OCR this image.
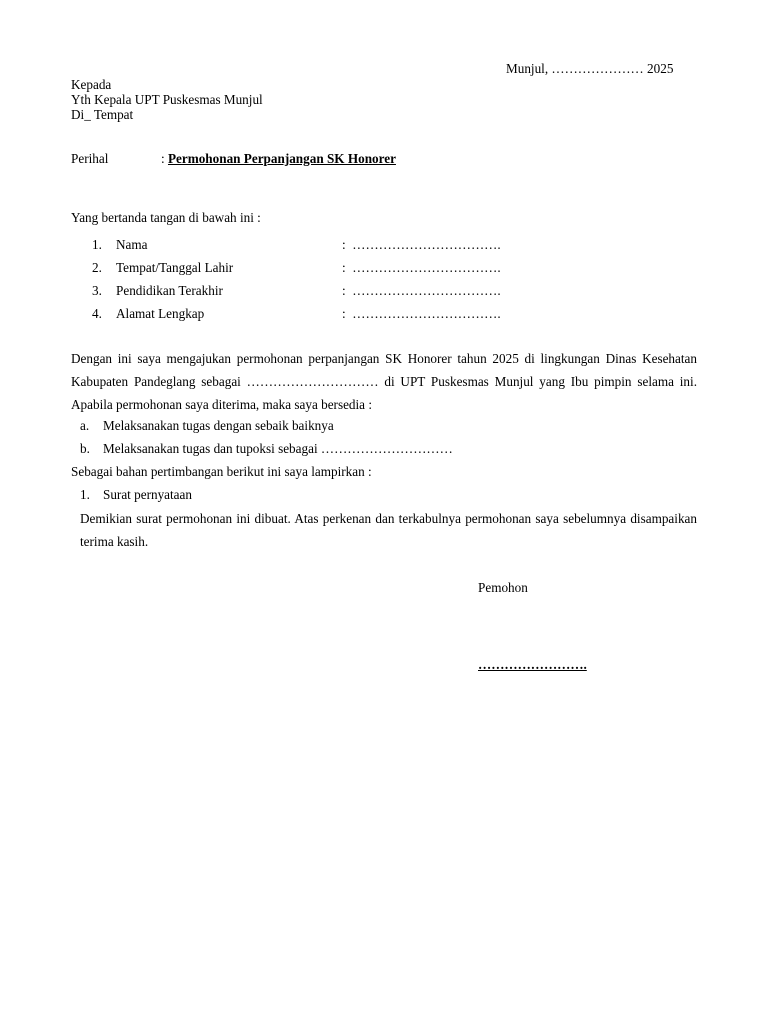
Munjul, ………………… 2025
Kepada
Yth Kepala UPT Puskesmas Munjul
Di_ Tempat
Perihal	: Permohonan Perpanjangan SK Honorer
Yang bertanda tangan di bawah ini :
1. Nama	: …………………………….
2. Tempat/Tanggal Lahir	: …………………………….
3. Pendidikan Terakhir	: …………………………….
4. Alamat Lengkap	: …………………………….
Dengan ini saya mengajukan permohonan perpanjangan SK Honorer tahun 2025 di lingkungan Dinas Kesehatan Kabupaten Pandeglang sebagai ………………………… di UPT Puskesmas Munjul yang Ibu pimpin selama ini. Apabila permohonan saya diterima, maka saya bersedia :
a. Melaksanakan tugas dengan sebaik baiknya
b. Melaksanakan tugas dan tupoksi sebagai …………………………
Sebagai bahan pertimbangan berikut ini saya lampirkan :
1. Surat pernyataan
Demikian surat permohonan ini dibuat. Atas perkenan dan terkabulnya permohonan saya sebelumnya disampaikan terima kasih.
Pemohon
…………………….
